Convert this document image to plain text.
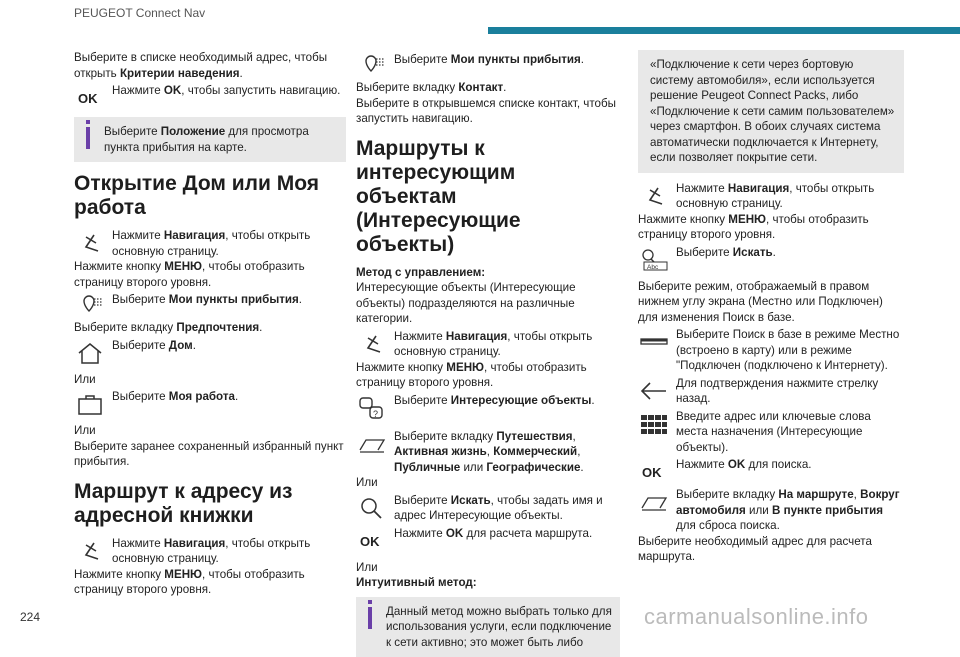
PEUGEOT Connect Nav

Выберите в списке необходимый адрес, чтобы открыть Критерии наведения.

OK
Нажмите OK, чтобы запустить навигацию.
Выберите Положение для просмотра пункта прибытия на карте.
Открытие Дом или Моя работа
Нажмите Навигация, чтобы открыть основную страницу.

Нажмите кнопку МЕНЮ, чтобы отобразить страницу второго уровня.

Выберите Мои пункты прибытия.

Выберите вкладку Предпочтения.

Выберите Дом.

Или

Выберите Моя работа.

Или

Выберите заранее сохраненный избранный пункт прибытия.

Маршрут к адресу из адресной книжки
Нажмите Навигация, чтобы открыть основную страницу.

Нажмите кнопку МЕНЮ, чтобы отобразить страницу второго уровня.

Выберите Мои пункты прибытия.

Выберите вкладку Контакт.

Выберите в открывшемся списке контакт, чтобы запустить навигацию.

Маршруты к интересующим объектам (Интересующие объекты)

Метод с управлением:

Интересующие объекты (Интересующие объекты) подразделяются на различные категории.

Нажмите Навигация, чтобы открыть основную страницу.

Нажмите кнопку МЕНЮ, чтобы отобразить страницу второго уровня.

?
Выберите Интересующие объекты.
Выберите вкладку Путешествия, Активная жизнь, Коммерческий, Публичные или Географические.

Или

Выберите Искать, чтобы задать имя и адрес Интересующие объекты.
OK
Нажмите OK для расчета маршрута.

Или

Интуитивный метод:

Данный метод можно выбрать только для использования услуги, если подключение к сети активно; это может быть либо
«Подключение к сети через бортовую систему автомобиля», если используется решение Peugeot Connect Packs, либо «Подключение к сети самим пользователем» через смартфон. В обоих случаях система автоматически подключается к Интернету, если позволяет покрытие сети.
Нажмите Навигация, чтобы открыть основную страницу.

Нажмите кнопку МЕНЮ, чтобы отобразить страницу второго уровня.

Abc
Выберите Искать.

Выберите режим, отображаемый в правом нижнем углу экрана (Местно или Подключен) для изменения Поиск в базе.

Выберите Поиск в базе в режиме Местно (встроено в карту) или в режиме "Подключен (подключено к Интернету).
Для подтверждения нажмите стрелку назад.
Введите адрес или ключевые слова места назначения (Интересующие объекты).
OK
Нажмите OK для поиска.
Выберите вкладку На маршруте, Вокруг автомобиля или В пункте прибытия для сброса поиска.

Выберите необходимый адрес для расчета маршрута.

224	carmanualsonline.info
